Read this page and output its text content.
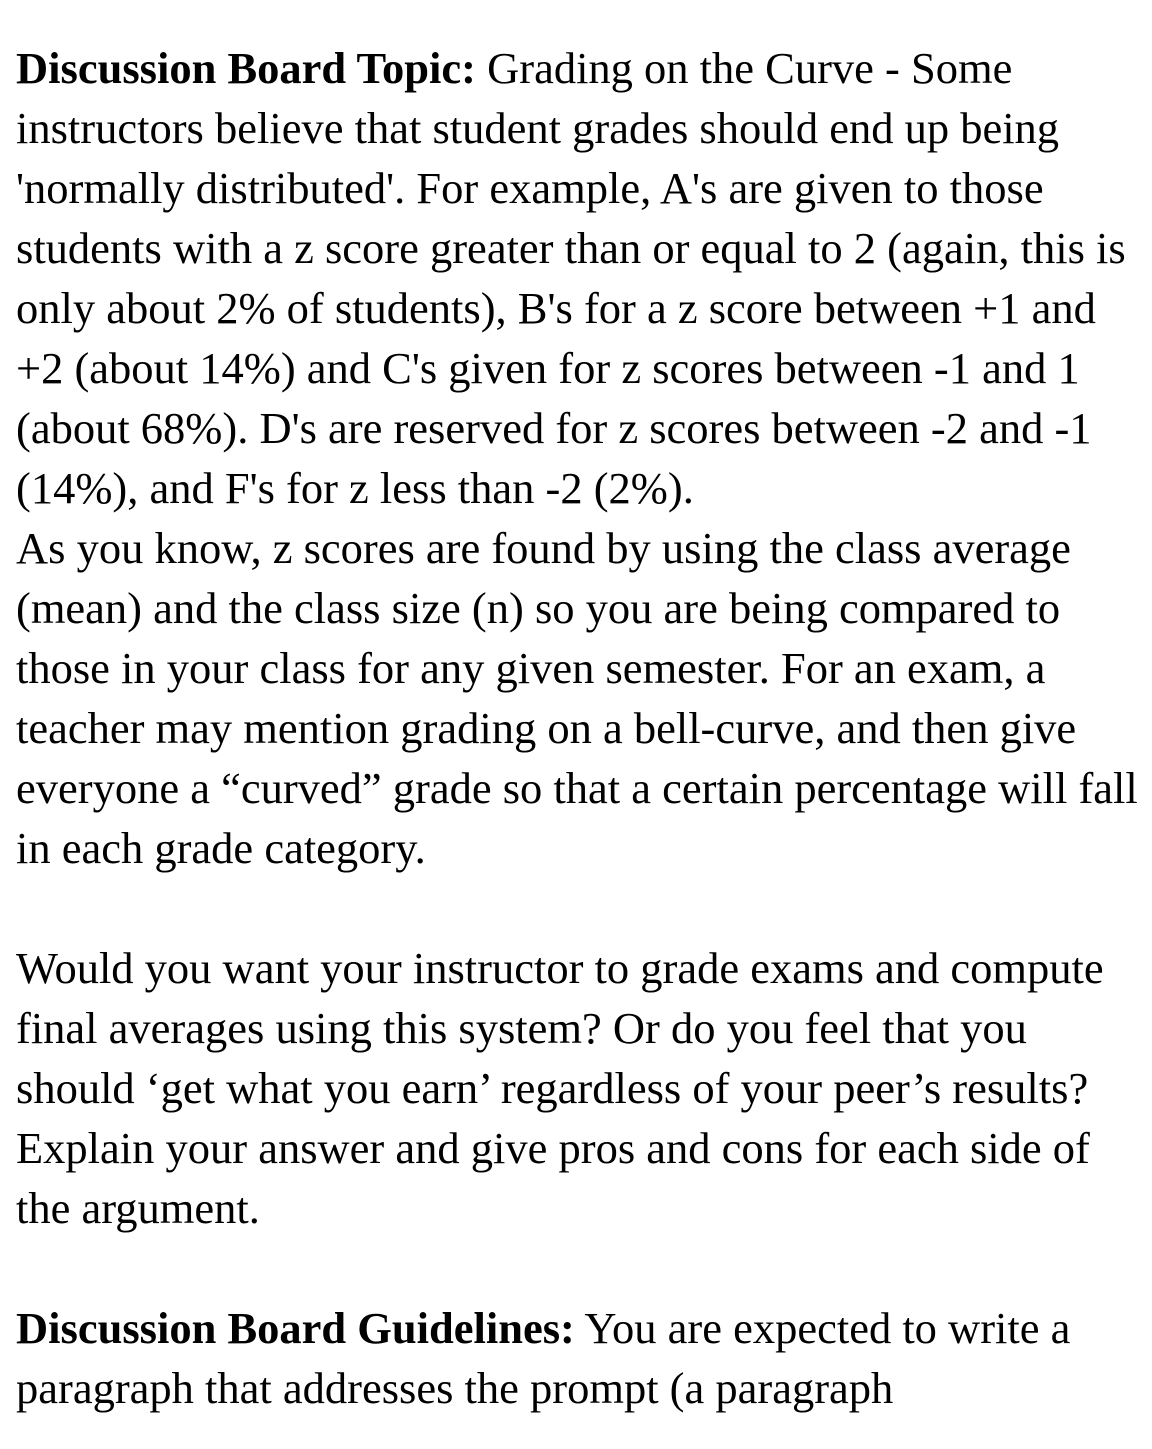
Discussion Board Topic: Grading on the Curve - Some instructors believe that student grades should end up being 'normally distributed'. For example, A's are given to those students with a z score greater than or equal to 2 (again, this is only about 2% of students), B's for a z score between +1 and +2 (about 14%) and C's given for z scores between -1 and 1 (about 68%). D's are reserved for z scores between -2 and -1 (14%), and F's for z less than -2 (2%).

As you know, z scores are found by using the class average (mean) and the class size (n) so you are being compared to those in your class for any given semester. For an exam, a teacher may mention grading on a bell-curve, and then give everyone a “curved” grade so that a certain percentage will fall in each grade category.

Would you want your instructor to grade exams and compute final averages using this system? Or do you feel that you should ‘get what you earn’ regardless of your peer’s results? Explain your answer and give pros and cons for each side of the argument.

Discussion Board Guidelines: You are expected to write a paragraph that addresses the prompt (a paragraph
